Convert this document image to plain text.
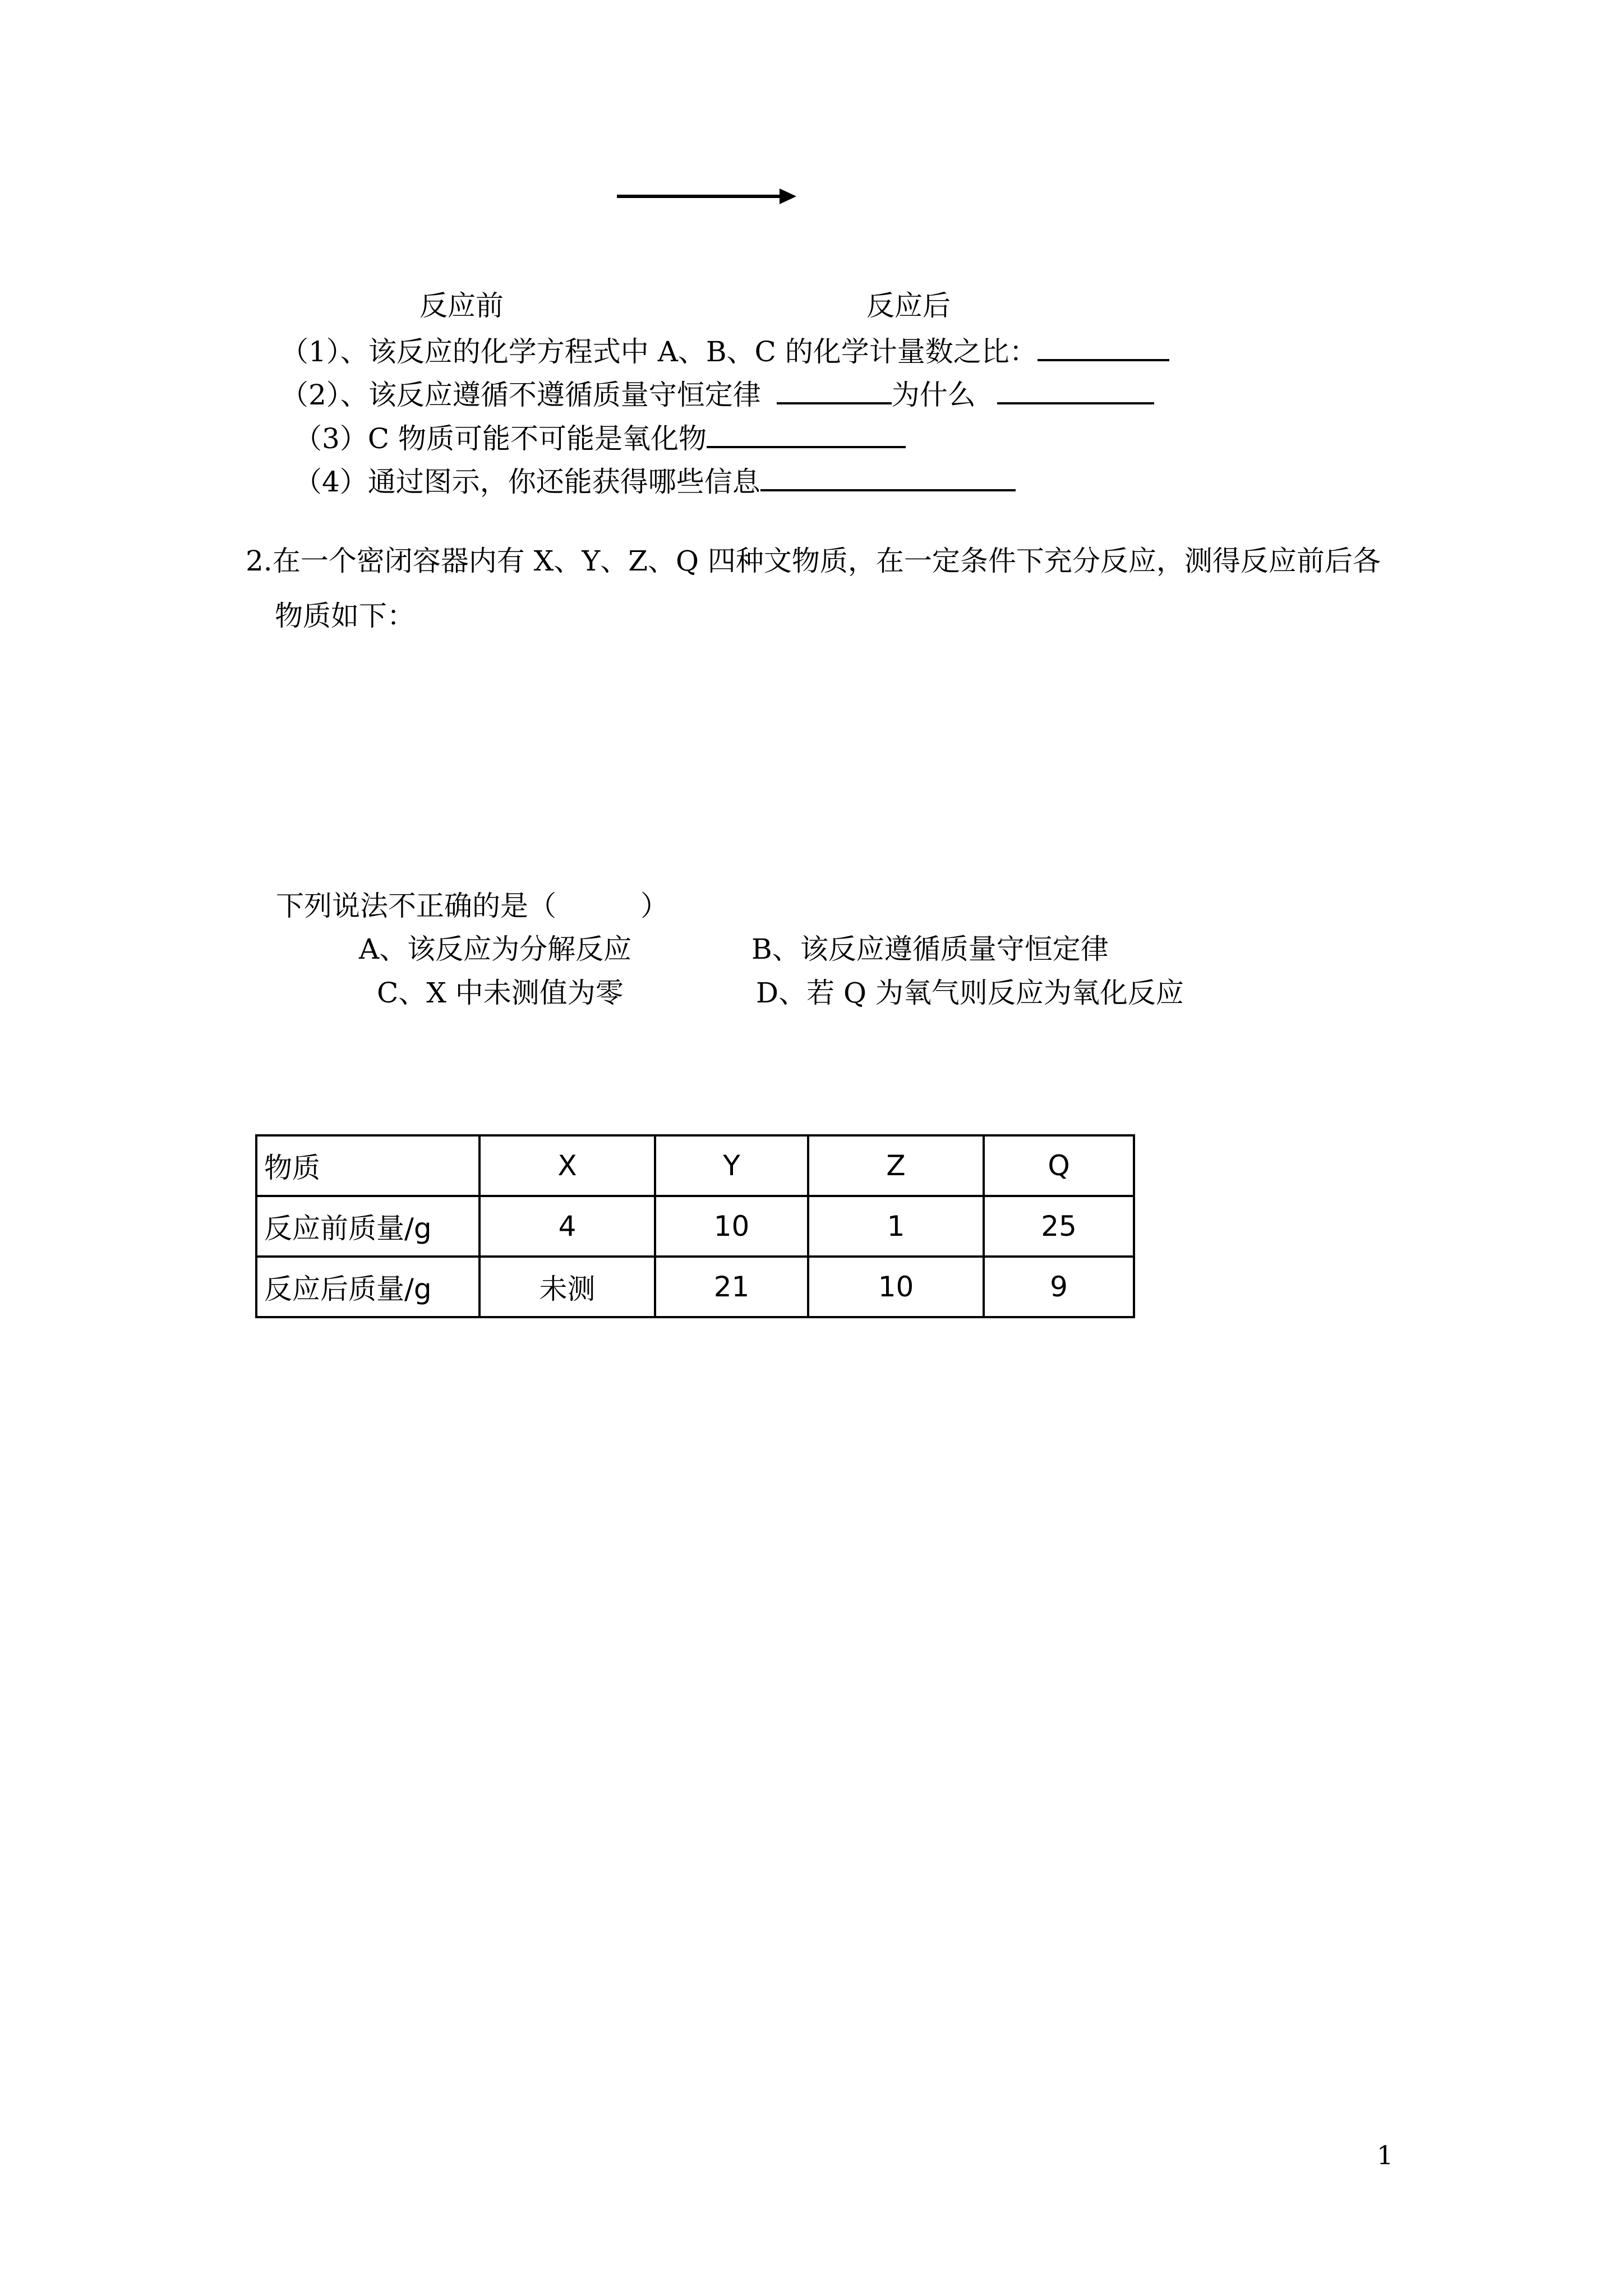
反应前	反应后
（1）、该反应的化学方程式中 A、B、C 的化学计量数之比：
（2）、该反应遵循不遵循质量守恒定律	为什么
（3）C 物质可能不可能是氧化物
（4）通过图示，你还能获得哪些信息
2.在一个密闭容器内有 X、Y、Z、Q 四种文物质，在一定条件下充分反应，测得反应前后各
物质如下：
下列说法不正确的是（　　　）
A、该反应为分解反应	B、该反应遵循质量守恒定律
C、X 中未测值为零	D、若 Q 为氧气则反应为氧化反应
物质	X	Y	Z	Q
反应前质量/g	4	10	1	25
反应后质量/g	未测	21	10	9
1
